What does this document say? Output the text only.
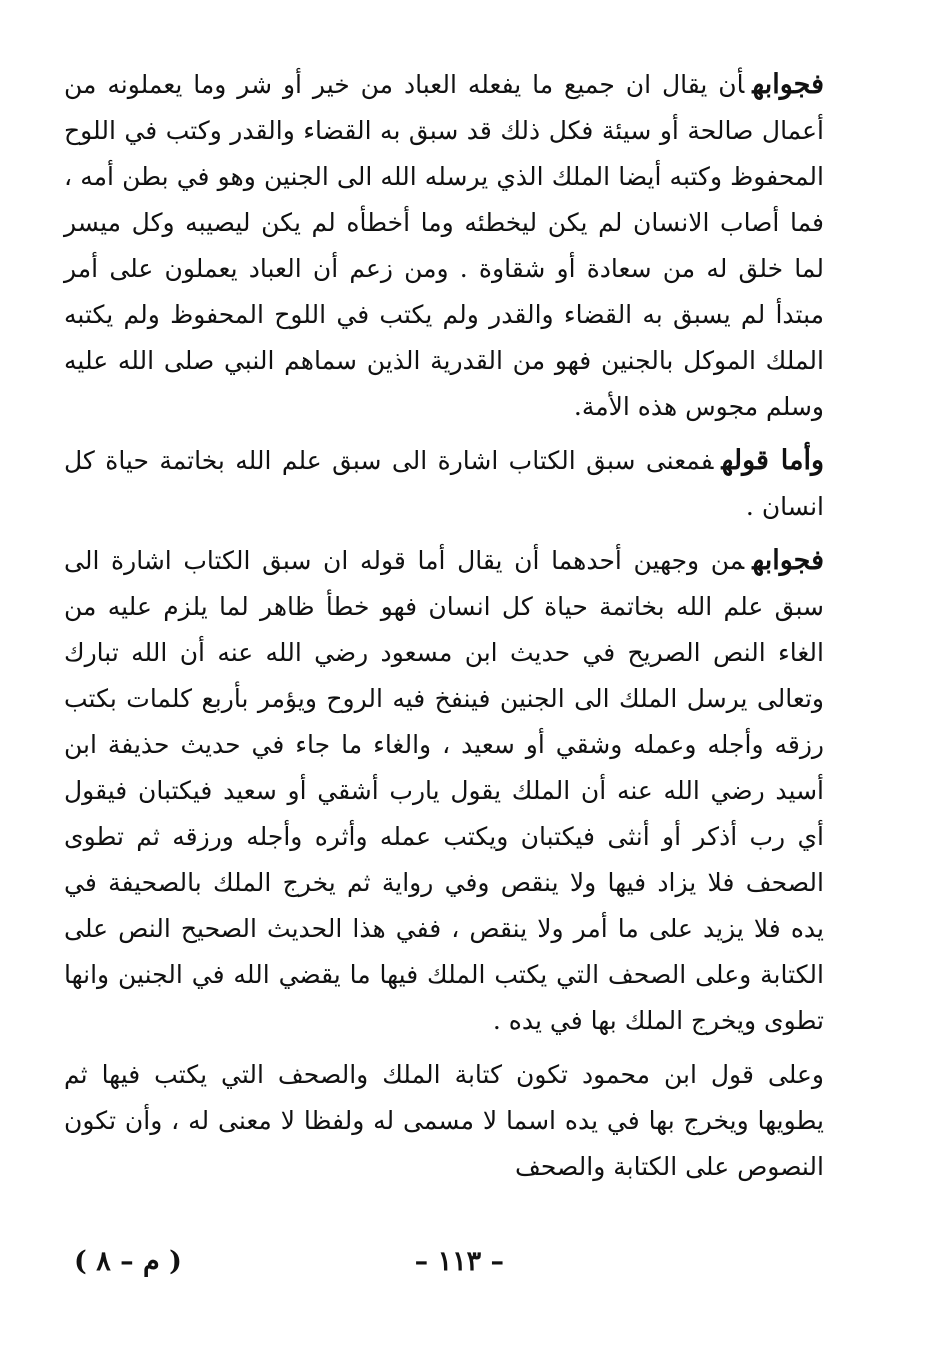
فجوابهأن يقال ان جميع ما يفعله العباد من خير أو شر وما يعملونه من أعمال صالحة أو سيئة فكل ذلك قد سبق به القضاء والقدر وكتب في اللوح المحفوظ وكتبه أيضا الملك الذي يرسله الله الى الجنين وهو في بطن أمه ، فما أصاب الانسان لم يكن ليخطئه وما أخطأه لم يكن ليصيبه وكل ميسر لما خلق له من سعادة أو شقاوة . ومن زعم أن العباد يعملون على أمر مبتدأ لم يسبق به القضاء والقدر ولم يكتب في اللوح المحفوظ ولم يكتبه الملك الموكل بالجنين فهو من القدرية الذين سماهم النبي صلى الله عليه وسلم مجوس هذه الأمة.

وأما قولهفمعنى سبق الكتاب اشارة الى سبق علم الله بخاتمة حياة كل انسان .

فجوابهمن وجهين أحدهما أن يقال أما قوله ان سبق الكتاب اشارة الى سبق علم الله بخاتمة حياة كل انسان فهو خطأ ظاهر لما يلزم عليه من الغاء النص الصريح في حديث ابن مسعود رضي الله عنه أن الله تبارك وتعالى يرسل الملك الى الجنين فينفخ فيه الروح ويؤمر بأربع كلمات بكتب رزقه وأجله وعمله وشقي أو سعيد ، والغاء ما جاء في حديث حذيفة ابن أسيد رضي الله عنه أن الملك يقول يارب أشقي أو سعيد فيكتبان فيقول أي رب أذكر أو أنثى فيكتبان ويكتب عمله وأثره وأجله ورزقه ثم تطوى الصحف فلا يزاد فيها ولا ينقص وفي رواية ثم يخرج الملك بالصحيفة في يده فلا يزيد على ما أمر ولا ينقص ، ففي هذا الحديث الصحيح النص على الكتابة وعلى الصحف التي يكتب الملك فيها ما يقضي الله في الجنين وانها تطوى ويخرج الملك بها في يده .

وعلى قول ابن محمود تكون كتابة الملك والصحف التي يكتب فيها ثم يطويها ويخرج بها في يده اسما لا مسمى له ولفظا لا معنى له ، وأن تكون النصوص على الكتابة والصحف

– ١١٣ –
( م – ٨ )
